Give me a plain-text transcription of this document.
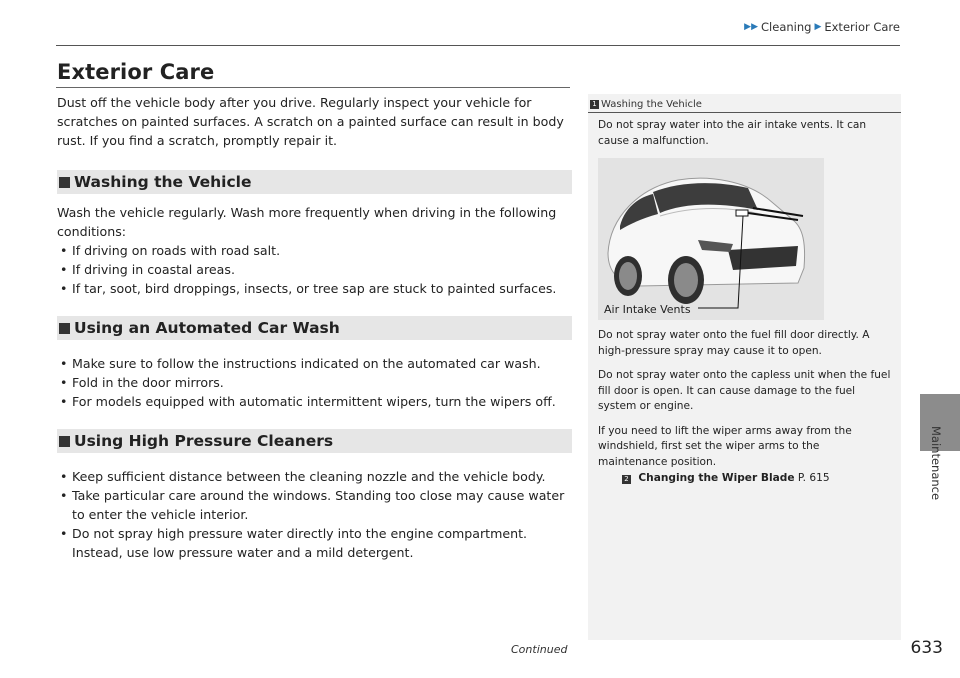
▶▶ Cleaning ▶ Exterior Care
Exterior Care

Dust off the vehicle body after you drive. Regularly inspect your vehicle for scratches on painted surfaces. A scratch on a painted surface can result in body rust. If you find a scratch, promptly repair it.

Washing the Vehicle

Wash the vehicle regularly. Wash more frequently when driving in the following conditions:

• If driving on roads with road salt.
• If driving in coastal areas.
• If tar, soot, bird droppings, insects, or tree sap are stuck to painted surfaces.
Using an Automated Car Wash
• Make sure to follow the instructions indicated on the automated car wash.
• Fold in the door mirrors.
• For models equipped with automatic intermittent wipers, turn the wipers off.
Using High Pressure Cleaners
• Keep sufficient distance between the cleaning nozzle and the vehicle body.
• Take particular care around the windows. Standing too close may cause water to enter the vehicle interior.
• Do not spray high pressure water directly into the engine compartment. Instead, use low pressure water and a mild detergent.
1 Washing the Vehicle

Do not spray water into the air intake vents. It can cause a malfunction.

Air Intake Vents

Do not spray water onto the fuel fill door directly. A high-pressure spray may cause it to open.

Do not spray water onto the capless unit when the fuel fill door is open. It can cause damage to the fuel system or engine.

If you need to lift the wiper arms away from the windshield, first set the wiper arms to the maintenance position.

2 Changing the Wiper Blade P. 615	Maintenance
Continued	633
